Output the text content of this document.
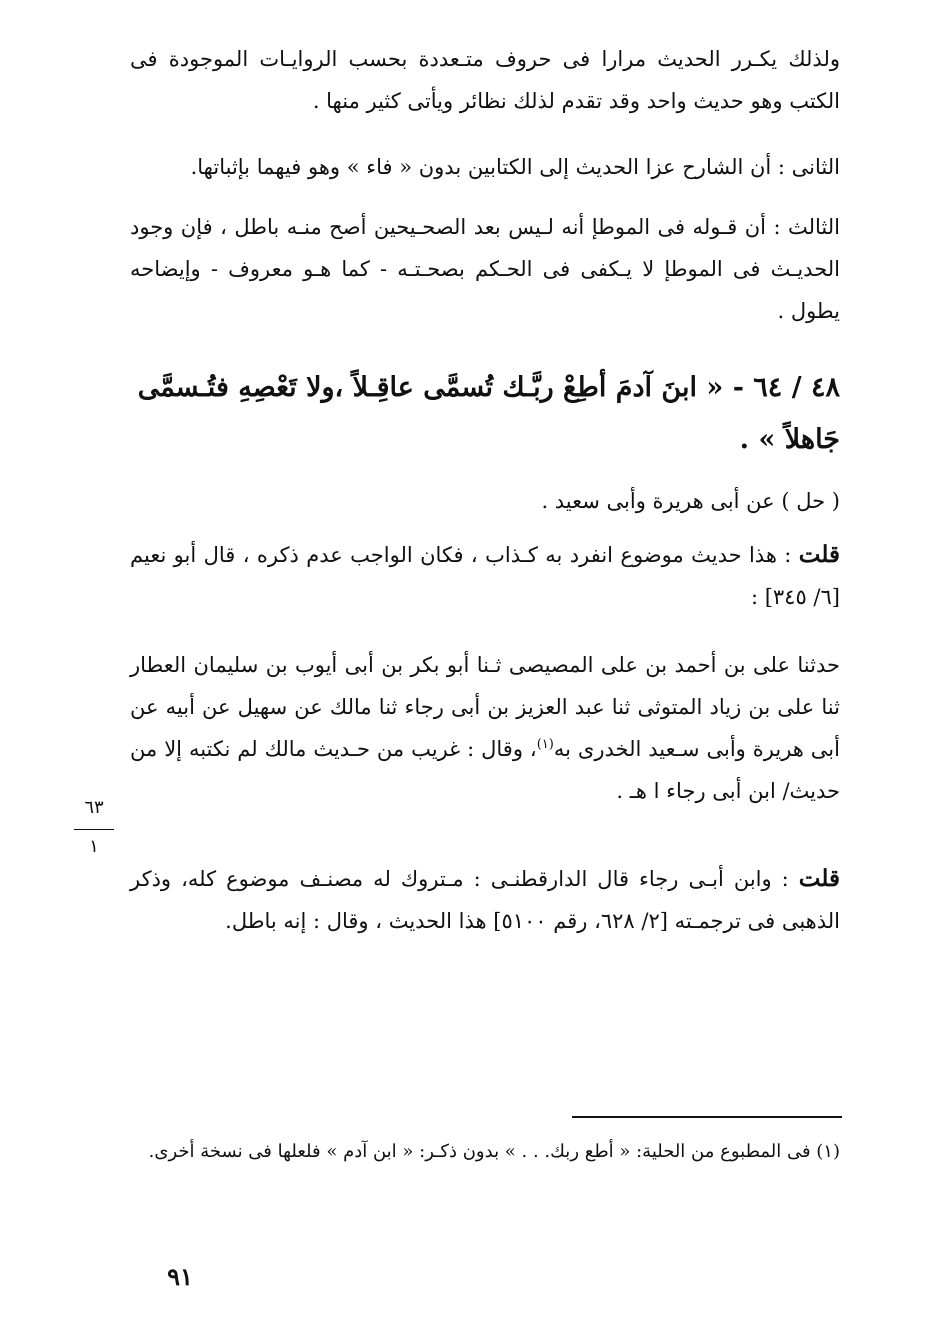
ولذلك يكـرر الحديث مرارا فى حروف متـعددة بحسب الروايـات الموجودة فى الكتب وهو حديث واحد وقد تقدم لذلك نظائر ويأتى كثير منها .
الثانى : أن الشارح عزا الحديث إلى الكتابين بدون « فاء » وهو فيهما بإثباتها.
الثالث : أن قـوله فى الموطإ أنه لـيس بعد الصحـيحين أصح منـه باطل ، فإن وجود الحديـث فى الموطإ لا يـكفى فى الحـكم بصحـتـه - كما هـو معروف - وإيضاحه يطول .
٤٨ / ٦٤ - « ابنَ آدمَ أطِعْ ربَّـك تُسمَّى عاقِـلاً ،ولا تَعْصِهِ فتُـسمَّى جَاهلاً » .
( حل ) عن أبى هريرة وأبى سعيد .
قلت : هذا حديث موضوع انفرد به كـذاب ، فكان الواجب عدم ذكره ، قال أبو نعيم [٦/ ٣٤٥] :
حدثنا على بن أحمد بن على المصيصى ثـنا أبو بكر بن أبى أيوب بن سليمان العطار ثنا على بن زياد المتوثى ثنا عبد العزيز بن أبى رجاء ثنا مالك عن سهيل عن أبيه عن أبى هريرة وأبى سـعيد الخدرى به$^{(١)}$، وقال : غريب من حـديث مالك لم نكتبه إلا من حديث/ ابن أبى رجاء ا هـ .
٦٣
١
قلت : وابن أبـى رجاء قال الدارقطنـى : مـتروك له مصنـف موضوع كله، وذكر الذهبى فى ترجمـته [٢/ ٦٢٨، رقم ٥١٠٠] هذا الحديث ، وقال : إنه باطل.
(١) فى المطبوع من الحلية: « أطع ربك. . . » بدون ذكـر: « ابن آدم » فلعلها فى نسخة أخرى.
٩١
